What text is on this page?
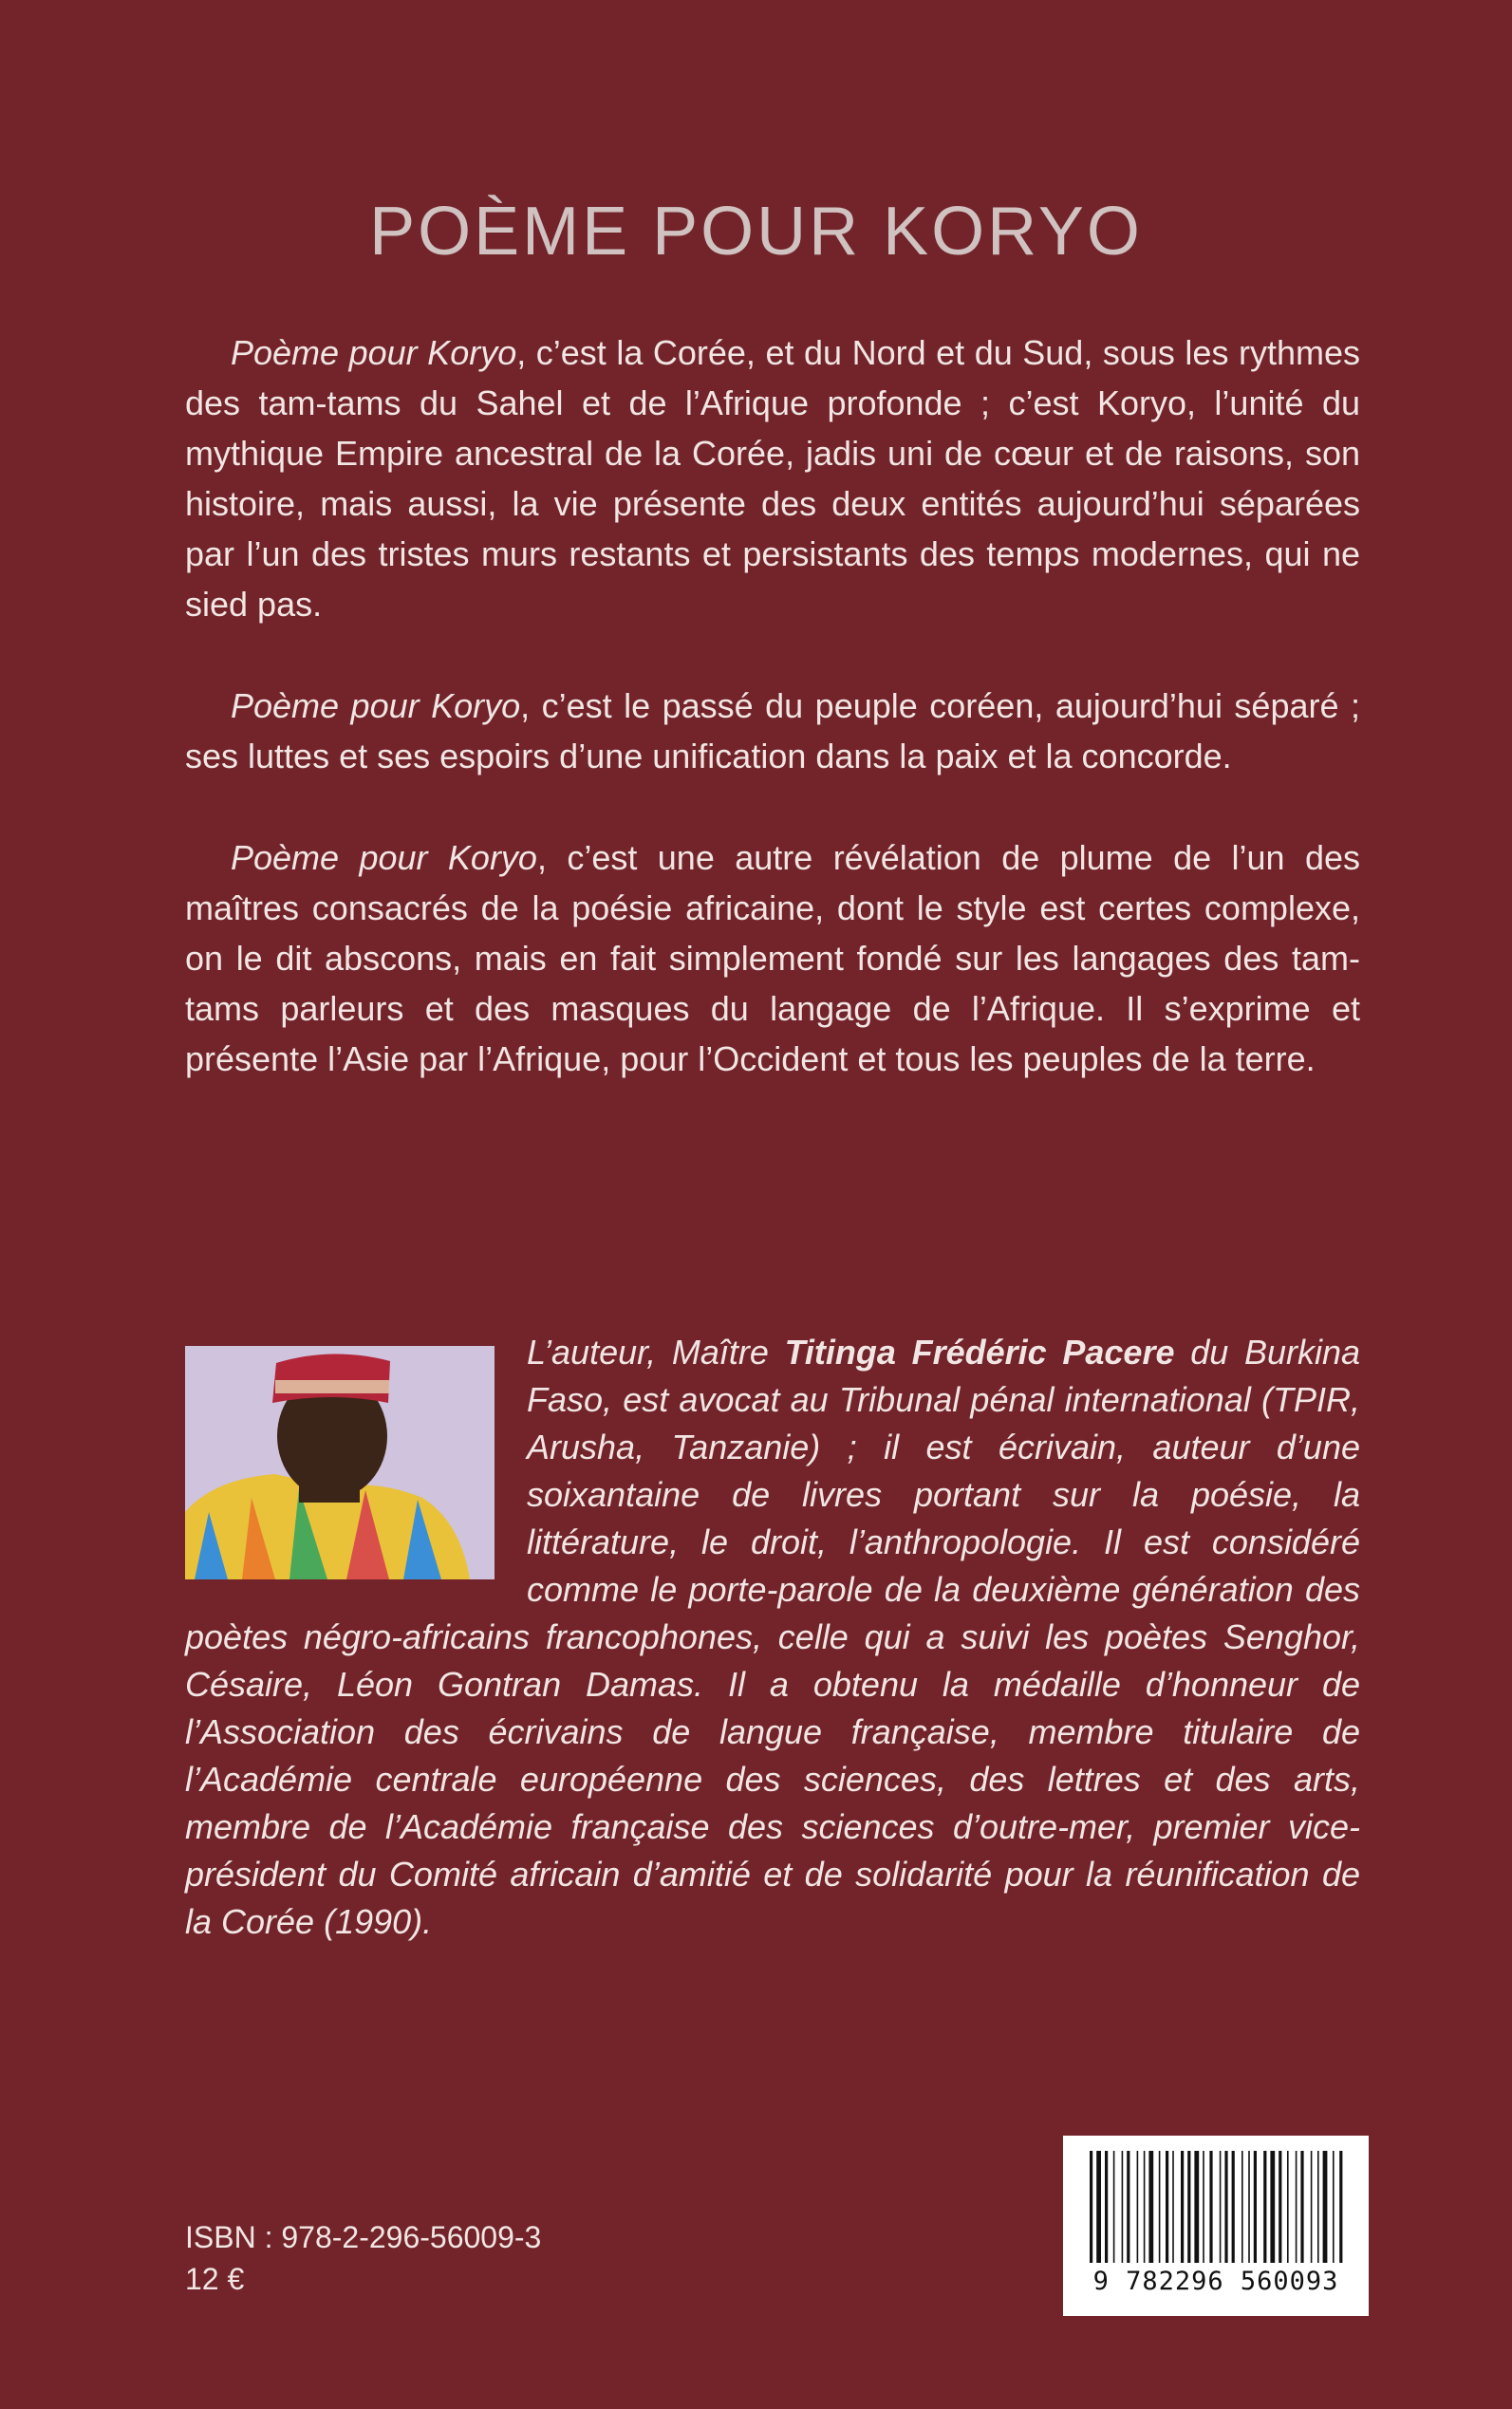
POÈME POUR KORYO

Poème pour Koryo, c’est la Corée, et du Nord et du Sud, sous les rythmes des tam-tams du Sahel et de l’Afrique profonde ; c’est Koryo, l’unité du mythique Empire ancestral de la Corée, jadis uni de cœur et de raisons, son histoire, mais aussi, la vie présente des deux entités aujourd’hui séparées par l’un des tristes murs restants et persistants des temps modernes, qui ne sied pas.

Poème pour Koryo, c’est le passé du peuple coréen, aujourd’hui séparé ; ses luttes et ses espoirs d’une unification dans la paix et la concorde.

Poème pour Koryo, c’est une autre révélation de plume de l’un des maîtres consacrés de la poésie africaine, dont le style est certes complexe, on le dit abscons, mais en fait simplement fondé sur les langages des tam-tams parleurs et des masques du langage de l’Afrique. Il s’exprime et présente l’Asie par l’Afrique, pour l’Occident et tous les peuples de la terre.

L’auteur, Maître Titinga Frédéric Pacere du Burkina Faso, est avocat au Tribunal pénal international (TPIR, Arusha, Tanzanie) ; il est écrivain, auteur d’une soixantaine de livres portant sur la poésie, la littérature, le droit, l’anthropologie. Il est considéré comme le porte-parole de la deuxième génération des poètes négro-africains francophones, celle qui a suivi les poètes Senghor, Césaire, Léon Gontran Damas. Il a obtenu la médaille d’honneur de l’Association des écrivains de langue française, membre titulaire de l’Académie centrale européenne des sciences, des lettres et des arts, membre de l’Académie française des sciences d’outre-mer, premier vice-président du Comité africain d’amitié et de solidarité pour la réunification de la Corée (1990).
ISBN : 978-2-296-56009-3
12 €	9 782296 560093
